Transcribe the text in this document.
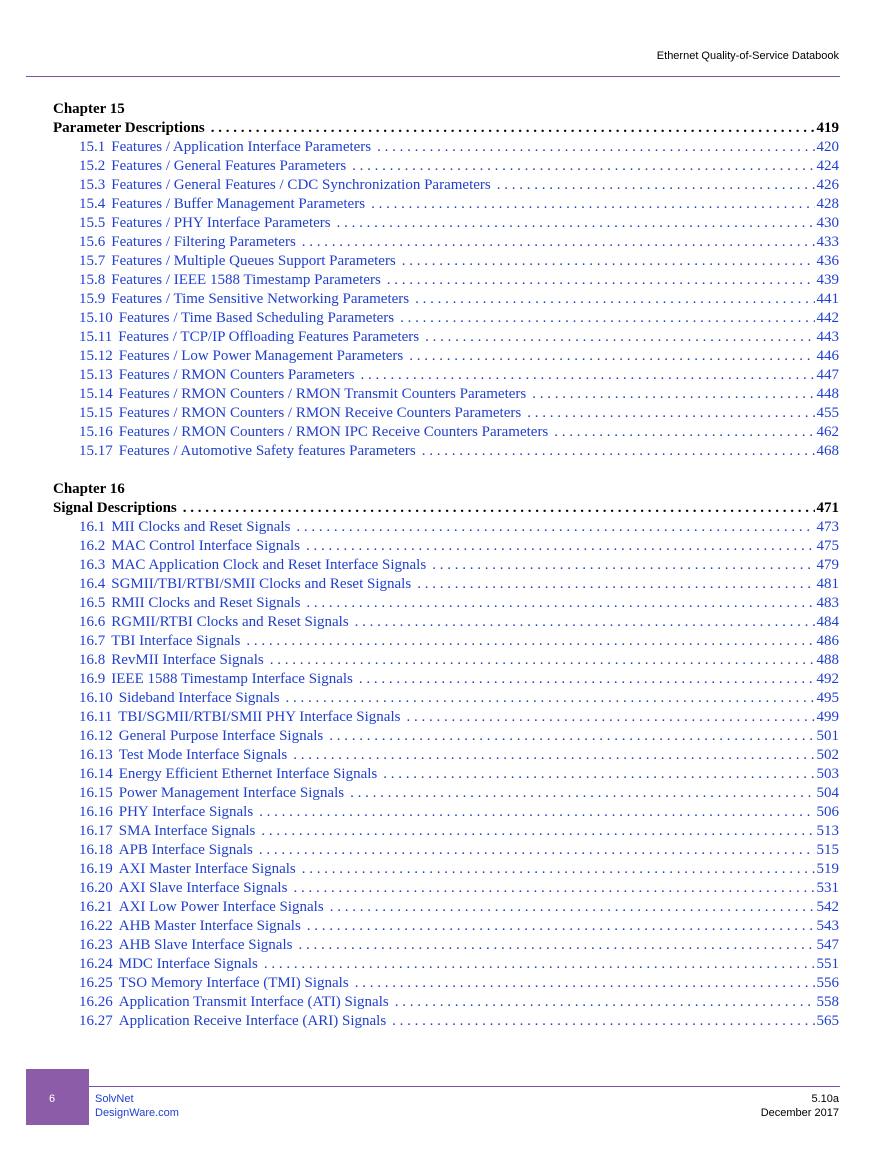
Ethernet Quality-of-Service Databook
Chapter 15
Parameter Descriptions . . .	419
15.1 Features / Application Interface Parameters . . .	420
15.2 Features / General Features Parameters . . .	424
15.3 Features / General Features / CDC Synchronization Parameters . . .	426
15.4 Features / Buffer Management Parameters . . .	428
15.5 Features / PHY Interface Parameters . . .	430
15.6 Features / Filtering Parameters . . .	433
15.7 Features / Multiple Queues Support Parameters . . .	436
15.8 Features / IEEE 1588 Timestamp Parameters . . .	439
15.9 Features / Time Sensitive Networking Parameters . . .	441
15.10 Features / Time Based Scheduling Parameters . . .	442
15.11 Features / TCP/IP Offloading Features Parameters . . .	443
15.12 Features / Low Power Management Parameters . . .	446
15.13 Features / RMON Counters Parameters . . .	447
15.14 Features / RMON Counters / RMON Transmit Counters Parameters . . .	448
15.15 Features / RMON Counters / RMON Receive Counters Parameters . . .	455
15.16 Features / RMON Counters / RMON IPC Receive Counters Parameters . . .	462
15.17 Features / Automotive Safety features Parameters . . .	468
Chapter 16
Signal Descriptions . . .	471
16.1 MII Clocks and Reset Signals . . .	473
16.2 MAC Control Interface Signals . . .	475
16.3 MAC Application Clock and Reset Interface Signals . . .	479
16.4 SGMII/TBI/RTBI/SMII Clocks and Reset Signals . . .	481
16.5 RMII Clocks and Reset Signals . . .	483
16.6 RGMII/RTBI Clocks and Reset Signals . . .	484
16.7 TBI Interface Signals . . .	486
16.8 RevMII Interface Signals . . .	488
16.9 IEEE 1588 Timestamp Interface Signals . . .	492
16.10 Sideband Interface Signals . . .	495
16.11 TBI/SGMII/RTBI/SMII PHY Interface Signals . . .	499
16.12 General Purpose Interface Signals . . .	501
16.13 Test Mode Interface Signals . . .	502
16.14 Energy Efficient Ethernet Interface Signals . . .	503
16.15 Power Management Interface Signals . . .	504
16.16 PHY Interface Signals . . .	506
16.17 SMA Interface Signals . . .	513
16.18 APB Interface Signals . . .	515
16.19 AXI Master Interface Signals . . .	519
16.20 AXI Slave Interface Signals . . .	531
16.21 AXI Low Power Interface Signals . . .	542
16.22 AHB Master Interface Signals . . .	543
16.23 AHB Slave Interface Signals . . .	547
16.24 MDC Interface Signals . . .	551
16.25 TSO Memory Interface (TMI) Signals . . .	556
16.26 Application Transmit Interface (ATI) Signals . . .	558
16.27 Application Receive Interface (ARI) Signals . . .	565
6	SolvNet
DesignWare.com
5.10a
December 2017
